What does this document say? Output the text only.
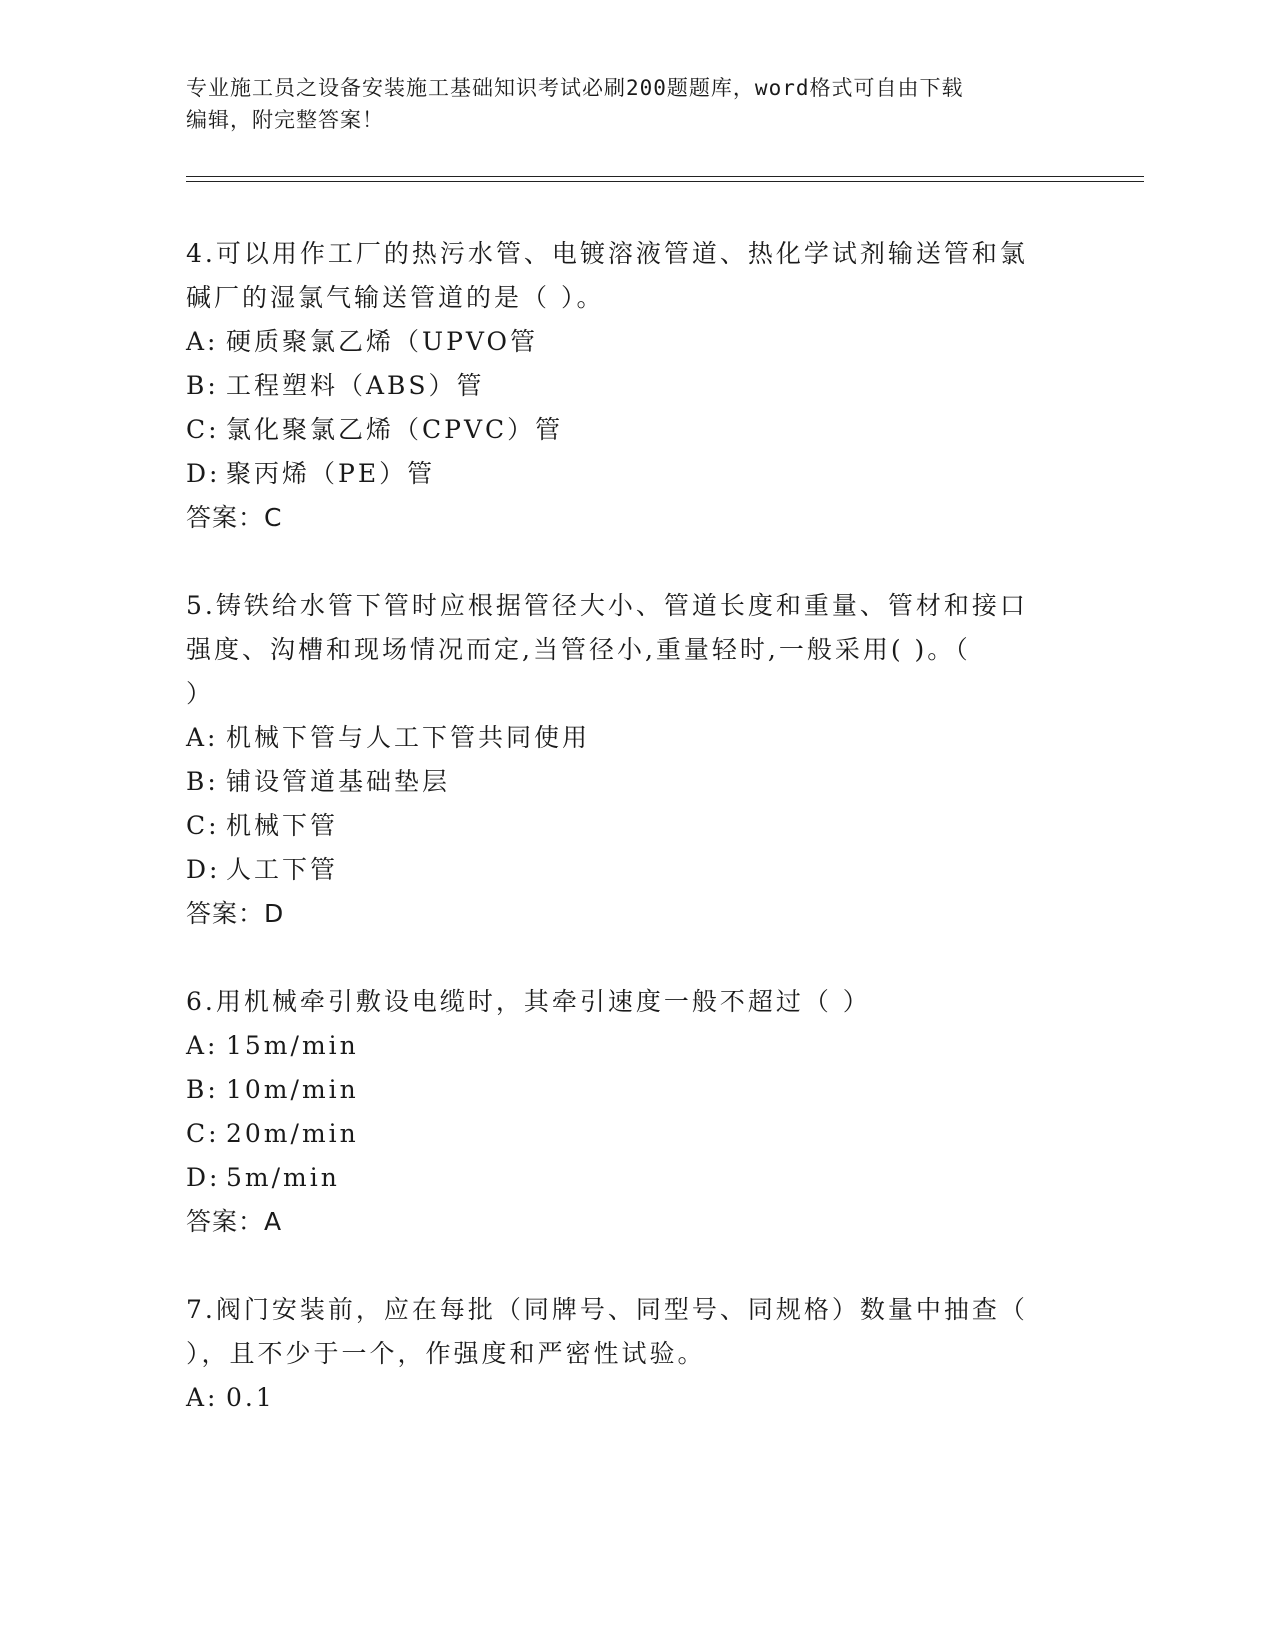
专业施工员之设备安装施工基础知识考试必刷200题题库，word格式可自由下载
编辑，附完整答案！
4.可以用作工厂的热污水管、电镀溶液管道、热化学试剂输送管和氯
碱厂的湿氯气输送管道的是（ ）。
A: 硬质聚氯乙烯（UPVO管
B: 工程塑料（ABS）管
C: 氯化聚氯乙烯（CPVC）管
D: 聚丙烯（PE）管
答案：C
5.铸铁给水管下管时应根据管径大小、管道长度和重量、管材和接口
强度、沟槽和现场情况而定,当管径小,重量轻时,一般采用( )。（
）
A: 机械下管与人工下管共同使用
B: 铺设管道基础垫层
C: 机械下管
D: 人工下管
答案：D
6.用机械牵引敷设电缆时，其牵引速度一般不超过（ ）
A: 15m/min
B: 10m/min
C: 20m/min
D: 5m/min
答案：A
7.阀门安装前，应在每批（同牌号、同型号、同规格）数量中抽查（
），且不少于一个，作强度和严密性试验。
A: 0.1
